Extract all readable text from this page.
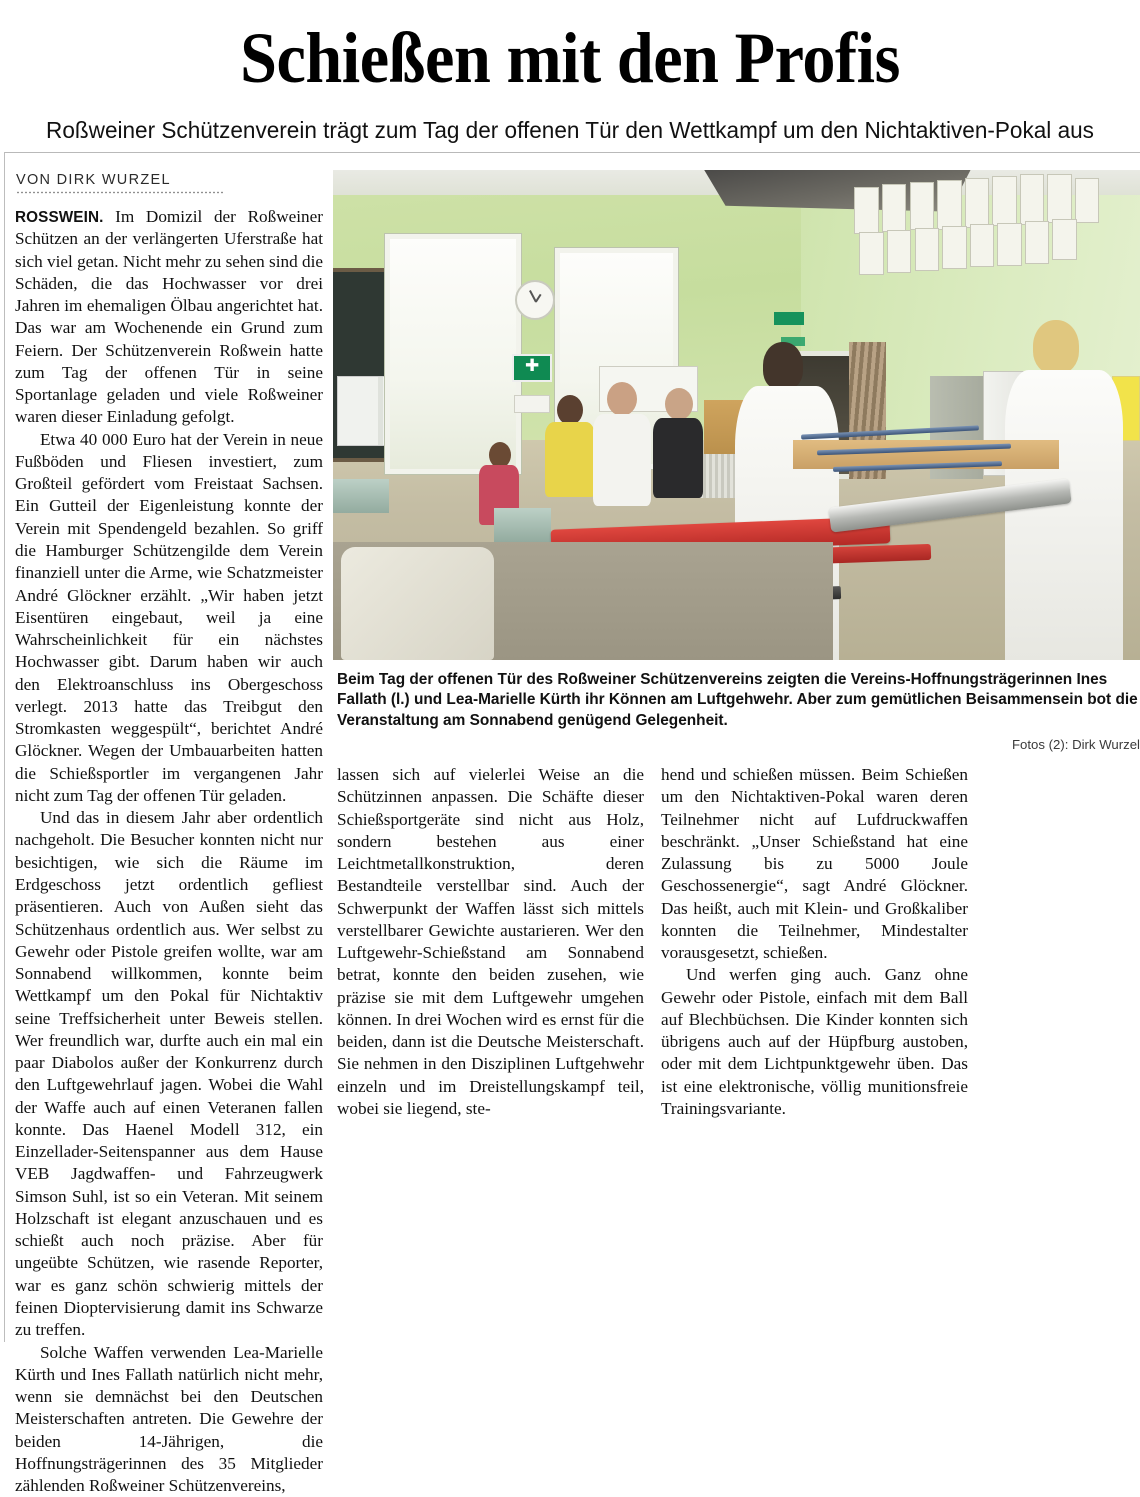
Schießen mit den Profis
Roßweiner Schützenverein trägt zum Tag der offenen Tür den Wettkampf um den Nichtaktiven-Pokal aus
VON DIRK WURZEL
✚
Beim Tag der offenen Tür des Roßweiner Schützenvereins zeigten die Vereins-Hoffnungsträgerinnen Ines Fallath (l.) und Lea-Marielle Kürth ihr Können am Luftgehwehr. Aber zum gemütlichen Beisammensein bot die Veranstaltung am Sonnabend genügend Gelegenheit.
Fotos (2): Dirk Wurzel

ROSSWEIN. Im Domizil der Roßweiner Schützen an der verlängerten Uferstraße hat sich viel getan. Nicht mehr zu sehen sind die Schäden, die das Hochwasser vor drei Jahren im ehemaligen Ölbau angerichtet hat. Das war am Wochenende ein Grund zum Feiern. Der Schützenverein Roßwein hatte zum Tag der offenen Tür in seine Sportanlage geladen und viele Roßweiner waren dieser Einladung gefolgt.

Etwa 40 000 Euro hat der Verein in neue Fußböden und Fliesen investiert, zum Großteil gefördert vom Freistaat Sachsen. Ein Gutteil der Eigenleistung konnte der Verein mit Spendengeld bezahlen. So griff die Hamburger Schützengilde dem Verein finanziell unter die Arme, wie Schatzmeister André Glöckner erzählt. „Wir haben jetzt Eisentüren eingebaut, weil ja eine Wahrscheinlichkeit für ein nächstes Hochwasser gibt. Darum haben wir auch den Elektroanschluss ins Obergeschoss verlegt. 2013 hatte das Treibgut den Stromkasten weggespült“, berichtet André Glöckner. Wegen der Umbauarbeiten hatten die Schießsportler im vergangenen Jahr nicht zum Tag der offenen Tür geladen.

Und das in diesem Jahr aber ordentlich nachgeholt. Die Besucher konnten nicht nur besichtigen, wie sich die Räume im Erdgeschoss jetzt ordentlich gefliest präsentieren. Auch von Außen sieht das Schützenhaus ordentlich aus. Wer selbst zu Gewehr oder Pistole greifen wollte, war am Sonnabend willkommen, konnte beim Wettkampf um den Pokal für Nichtaktiv seine Treffsicherheit unter Beweis stellen. Wer freundlich war, durfte auch ein mal ein paar Diabolos außer der Konkurrenz durch den Luftgewehrlauf jagen. Wobei die Wahl der Waffe auch auf einen Veteranen fallen konnte. Das Haenel Modell 312, ein Einzellader-Seitenspanner aus dem Hause VEB Jagdwaffen- und Fahrzeugwerk Simson Suhl, ist so ein Veteran. Mit seinem Holzschaft ist elegant anzuschauen und es schießt auch noch präzise. Aber für ungeübte Schützen, wie rasende Reporter, war es ganz schön schwierig mittels der feinen Dioptervisierung damit ins Schwarze zu treffen.

Solche Waffen verwenden Lea-Marielle Kürth und Ines Fallath natürlich nicht mehr, wenn sie demnächst bei den Deutschen Meisterschaften antreten. Die Gewehre der beiden 14-Jährigen, die Hoffnungsträgerinnen des 35 Mitglieder zählenden Roßweiner Schützenvereins,

lassen sich auf vielerlei Weise an die Schützinnen anpassen. Die Schäfte dieser Schießsportgeräte sind nicht aus Holz, sondern bestehen aus einer Leichtmetallkonstruktion, deren Bestandteile verstellbar sind. Auch der Schwerpunkt der Waffen lässt sich mittels verstellbarer Gewichte austarieren. Wer den Luftgewehr-Schießstand am Sonnabend betrat, konnte den beiden zusehen, wie präzise sie mit dem Luftgewehr umgehen können. In drei Wochen wird es ernst für die beiden, dann ist die Deutsche Meisterschaft. Sie nehmen in den Disziplinen Luftgehwehr einzeln und im Dreistellungskampf teil, wobei sie liegend, ste-

hend und schießen müssen. Beim Schießen um den Nichtaktiven-Pokal waren deren Teilnehmer nicht auf Lufdruckwaffen beschränkt. „Unser Schießstand hat eine Zulassung bis zu 5000 Joule Geschossenergie“, sagt André Glöckner. Das heißt, auch mit Klein- und Großkaliber konnten die Teilnehmer, Mindestalter vorausgesetzt, schießen.

Und werfen ging auch. Ganz ohne Gewehr oder Pistole, einfach mit dem Ball auf Blechbüchsen. Die Kinder konnten sich übrigens auch auf der Hüpfburg austoben, oder mit dem Lichtpunktgewehr üben. Das ist eine elektronische, völlig munitionsfreie Trainingsvariante.
